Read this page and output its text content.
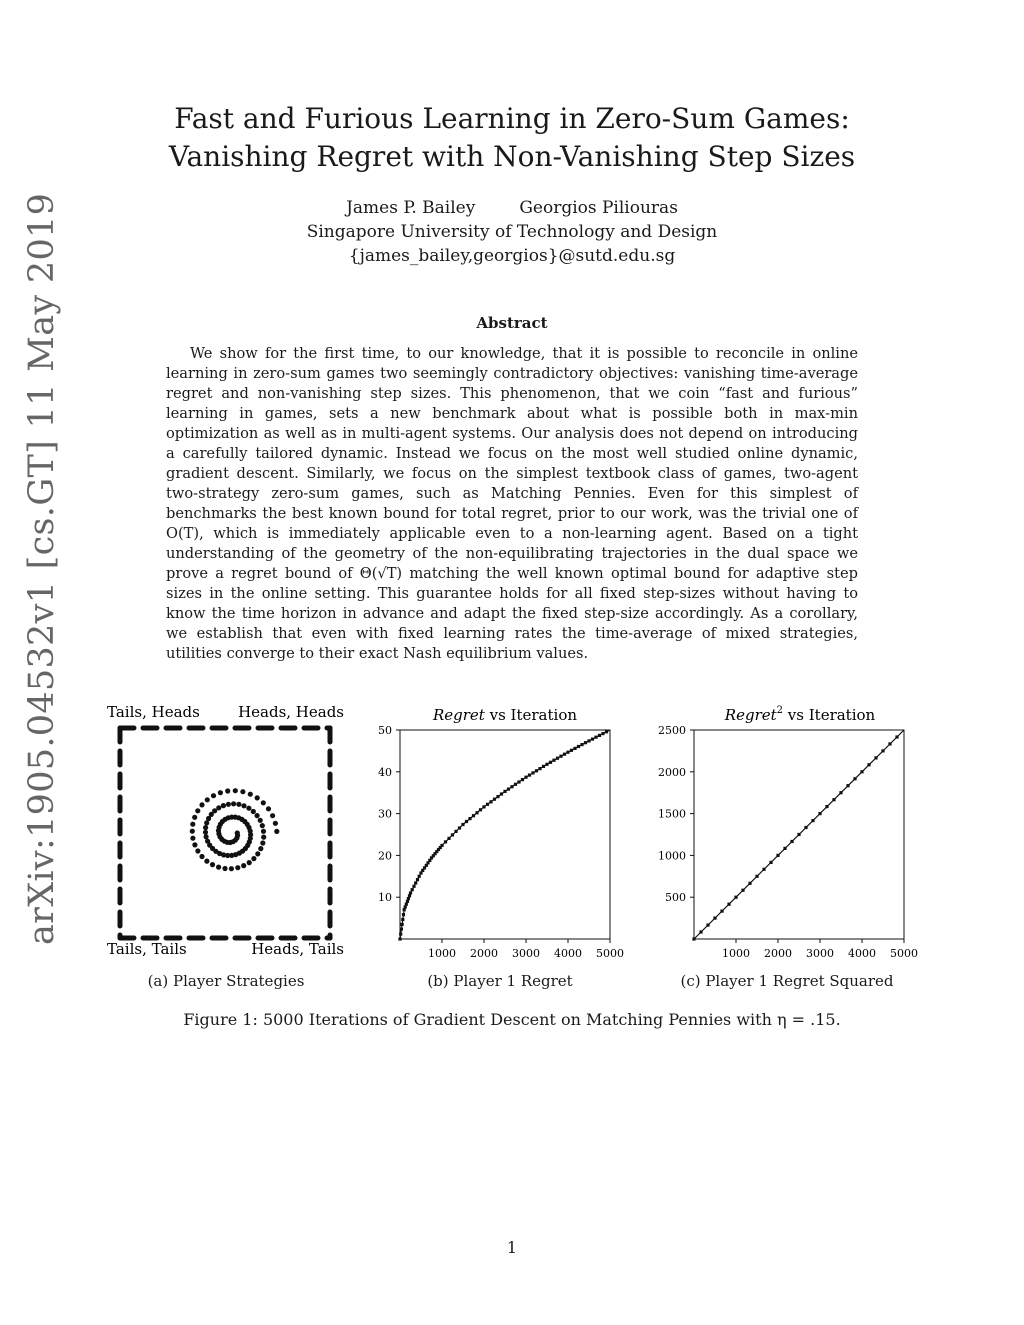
arXiv:1905.04532v1 [cs.GT] 11 May 2019
Fast and Furious Learning in Zero-Sum Games:
Vanishing Regret with Non-Vanishing Step Sizes
James P. Bailey	Georgios Piliouras
Singapore University of Technology and Design
{james_bailey,georgios}@sutd.edu.sg
Abstract

We show for the first time, to our knowledge, that it is possible to reconcile in online learning in zero-sum games two seemingly contradictory objectives: vanishing time-average regret and non-vanishing step sizes. This phenomenon, that we coin “fast and furious” learning in games, sets a new benchmark about what is possible both in max-min optimization as well as in multi-agent systems. Our analysis does not depend on introducing a carefully tailored dynamic. Instead we focus on the most well studied online dynamic, gradient descent. Similarly, we focus on the simplest textbook class of games, two-agent two-strategy zero-sum games, such as Matching Pennies. Even for this simplest of benchmarks the best known bound for total regret, prior to our work, was the trivial one of O(T), which is immediately applicable even to a non-learning agent. Based on a tight understanding of the geometry of the non-equilibrating trajectories in the dual space we prove a regret bound of Θ(√T) matching the well known optimal bound for adaptive step sizes in the online setting. This guarantee holds for all fixed step-sizes without having to know the time horizon in advance and adapt the fixed step-size accordingly. As a corollary, we establish that even with fixed learning rates the time-average of mixed strategies, utilities converge to their exact Nash equilibrium values.

Tails, Heads	Heads, Heads
Tails, Tails	Heads, Tails
(a) Player Strategies
Regret vs Iteration
1000 2000 3000 4000 5000
10
20
30
40
50
(b) Player 1 Regret
Regret$^2$ vs Iteration
1000 2000 3000 4000 5000
500
1000
1500
2000
2500
(c) Player 1 Regret Squared
Figure 1: 5000 Iterations of Gradient Descent on Matching Pennies with η = .15.
1
